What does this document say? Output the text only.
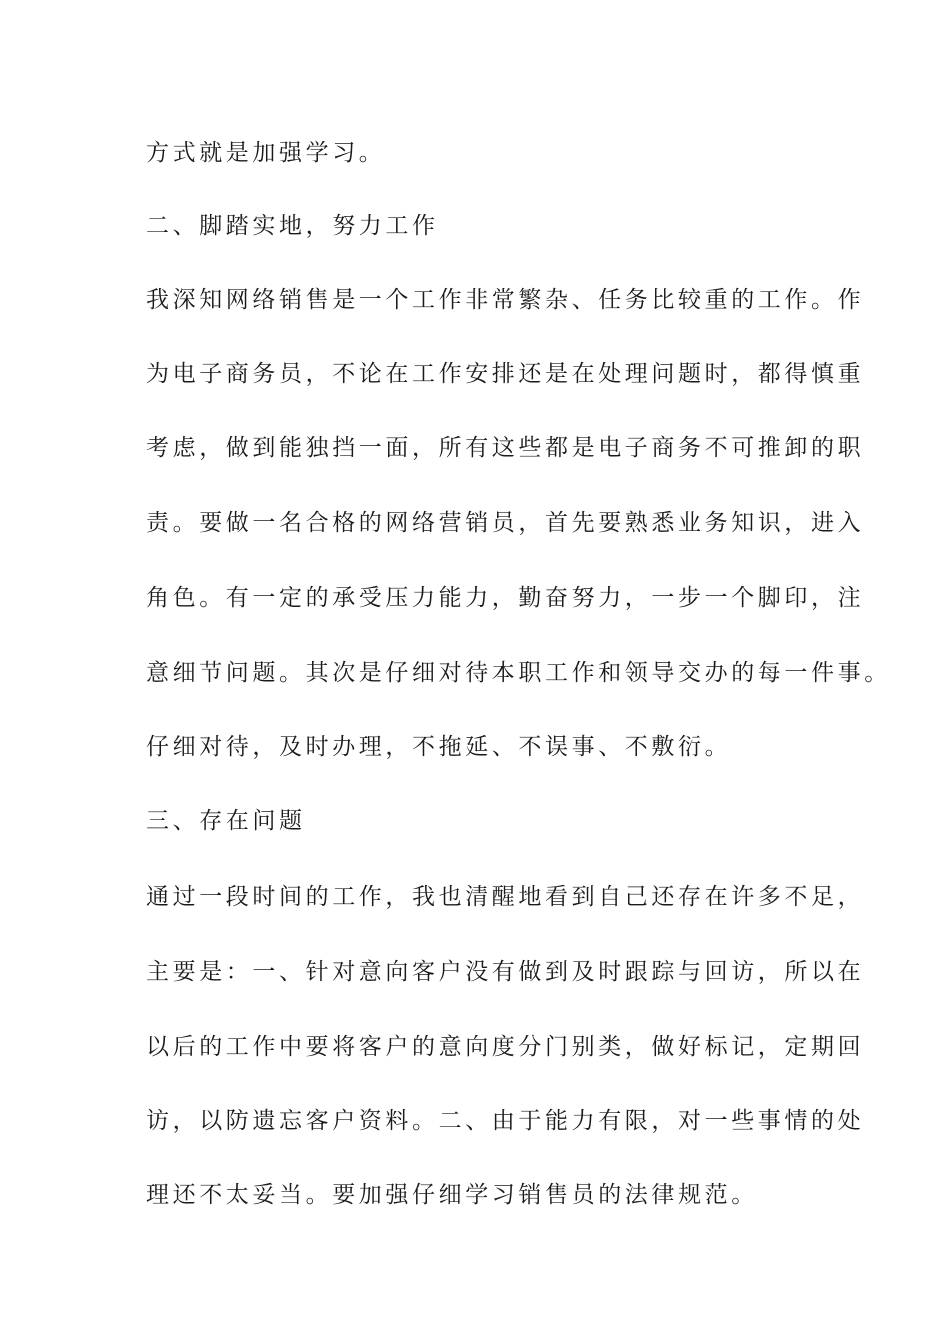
方式就是加强学习。
二、脚踏实地，努力工作
我深知网络销售是一个工作非常繁杂、任务比较重的工作。作
为电子商务员，不论在工作安排还是在处理问题时，都得慎重
考虑，做到能独挡一面，所有这些都是电子商务不可推卸的职
责。要做一名合格的网络营销员，首先要熟悉业务知识，进入
角色。有一定的承受压力能力，勤奋努力，一步一个脚印，注
意细节问题。其次是仔细对待本职工作和领导交办的每一件事。
仔细对待，及时办理，不拖延、不误事、不敷衍。
三、存在问题
通过一段时间的工作，我也清醒地看到自己还存在许多不足，
主要是：一、针对意向客户没有做到及时跟踪与回访，所以在
以后的工作中要将客户的意向度分门别类，做好标记，定期回
访，以防遗忘客户资料。二、由于能力有限，对一些事情的处
理还不太妥当。要加强仔细学习销售员的法律规范。
